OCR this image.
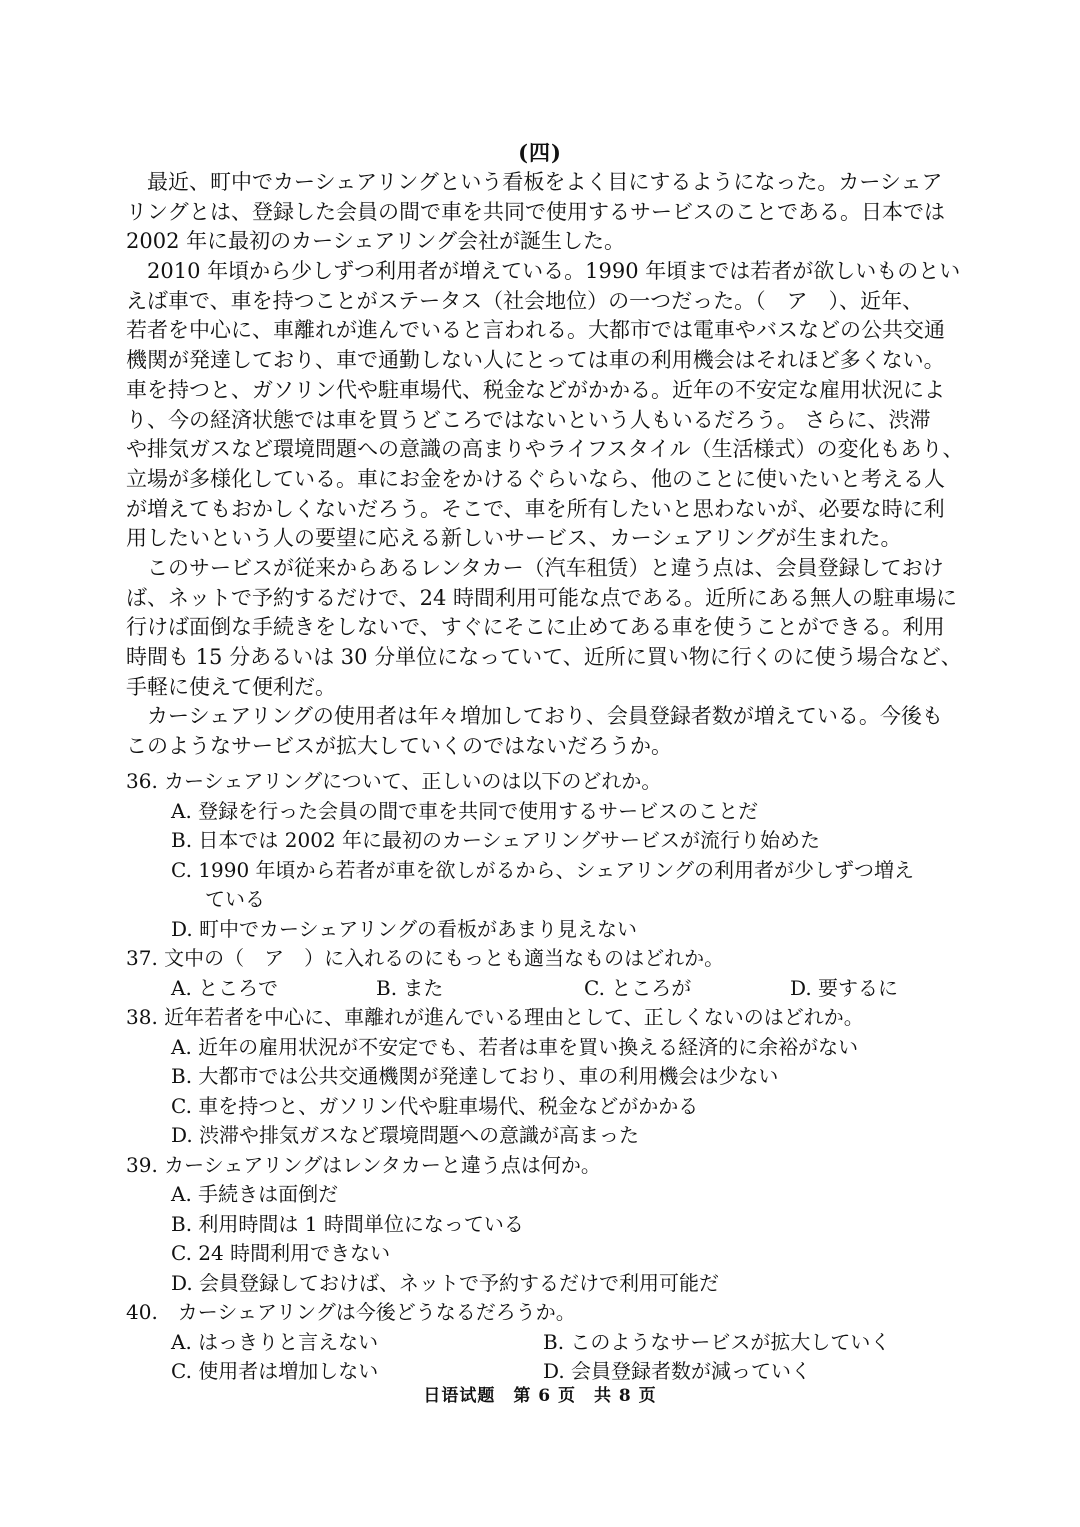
(四)
　最近、町中でカーシェアリングという看板をよく目にするようになった。カーシェア
リングとは、登録した会員の間で車を共同で使用するサービスのことである。日本では
2002 年に最初のカーシェアリング会社が誕生した。
　2010 年頃から少しずつ利用者が増えている。1990 年頃までは若者が欲しいものとい
えば車で、車を持つことがステータス（社会地位）の一つだった。（　ア　）、近年、
若者を中心に、車離れが進んでいると言われる。大都市では電車やバスなどの公共交通
機関が発達しており、車で通勤しない人にとっては車の利用機会はそれほど多くない。
車を持つと、ガソリン代や駐車場代、税金などがかかる。近年の不安定な雇用状況によ
り、今の経済状態では車を買うどころではないという人もいるだろう。 さらに、渋滞
や排気ガスなど環境問題への意識の高まりやライフスタイル（生活様式）の変化もあり、
立場が多様化している。車にお金をかけるぐらいなら、他のことに使いたいと考える人
が増えてもおかしくないだろう。そこで、車を所有したいと思わないが、必要な時に利
用したいという人の要望に応える新しいサービス、カーシェアリングが生まれた。
　このサービスが従来からあるレンタカー（汽车租赁）と違う点は、会員登録しておけ
ば、ネットで予約するだけで、24 時間利用可能な点である。近所にある無人の駐車場に
行けば面倒な手続きをしないで、すぐにそこに止めてある車を使うことができる。利用
時間も 15 分あるいは 30 分単位になっていて、近所に買い物に行くのに使う場合など、
手軽に使えて便利だ。
　カーシェアリングの使用者は年々増加しており、会員登録者数が増えている。今後も
このようなサービスが拡大していくのではないだろうか。
36. カーシェアリングについて、正しいのは以下のどれか。
A. 登録を行った会員の間で車を共同で使用するサービスのことだ
B. 日本では 2002 年に最初のカーシェアリングサービスが流行り始めた
C. 1990 年頃から若者が車を欲しがるから、シェアリングの利用者が少しずつ増え
ている
D. 町中でカーシェアリングの看板があまり見えない
37. 文中の（　ア　）に入れるのにもっとも適当なものはどれか。
A. ところで	B. また	C. ところが	D. 要するに
38. 近年若者を中心に、車離れが進んでいる理由として、正しくないのはどれか。
A. 近年の雇用状況が不安定でも、若者は車を買い換える経済的に余裕がない
B. 大都市では公共交通機関が発達しており、車の利用機会は少ない
C. 車を持つと、ガソリン代や駐車場代、税金などがかかる
D. 渋滞や排気ガスなど環境問題への意識が高まった
39. カーシェアリングはレンタカーと違う点は何か。
A. 手続きは面倒だ
B. 利用時間は 1 時間単位になっている
C. 24 時間利用できない
D. 会員登録しておけば、ネットで予約するだけで利用可能だ
40.　カーシェアリングは今後どうなるだろうか。
A. はっきりと言えない	B. このようなサービスが拡大していく
C. 使用者は増加しない	D. 会員登録者数が減っていく
日语试题　第 6 页　共 8 页
